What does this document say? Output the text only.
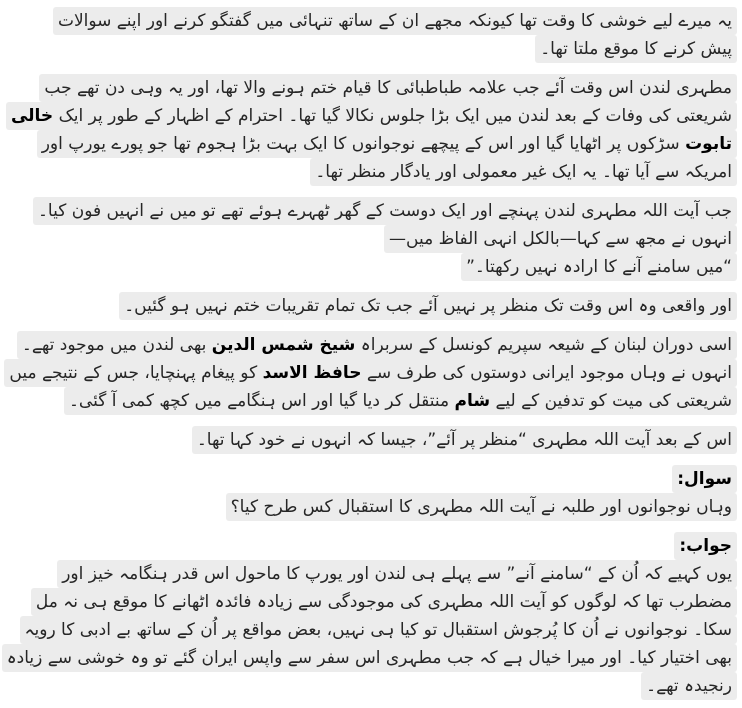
یہ میرے لیے خوشی کا وقت تھا کیونکہ مجھے ان کے ساتھ تنہائی میں گفتگو کرنے اور اپنے سوالات
پیش کرنے کا موقع ملتا تھا۔
مطہری لندن اس وقت آئے جب علامہ طباطبائی کا قیام ختم ہونے والا تھا، اور یہ وہی دن تھے جب
شریعتی کی وفات کے بعد لندن میں ایک بڑا جلوس نکالا گیا تھا۔ احترام کے اظہار کے طور پر ایک خالی
تابوت سڑکوں پر اٹھایا گیا اور اس کے پیچھے نوجوانوں کا ایک بہت بڑا ہجوم تھا جو پورے یورپ اور
امریکہ سے آیا تھا۔ یہ ایک غیر معمولی اور یادگار منظر تھا۔
جب آیت اللہ مطہری لندن پہنچے اور ایک دوست کے گھر ٹھہرے ہوئے تھے تو میں نے انہیں فون کیا۔
انہوں نے مجھ سے کہا—بالکل انہی الفاظ میں—
“میں سامنے آنے کا ارادہ نہیں رکھتا۔”
اور واقعی وہ اس وقت تک منظر پر نہیں آئے جب تک تمام تقریبات ختم نہیں ہو گئیں۔
اسی دوران لبنان کے شیعہ سپریم کونسل کے سربراہ شیخ شمس الدین بھی لندن میں موجود تھے۔
انہوں نے وہاں موجود ایرانی دوستوں کی طرف سے حافظ الاسد کو پیغام پہنچایا، جس کے نتیجے میں
شریعتی کی میت کو تدفین کے لیے شام منتقل کر دیا گیا اور اس ہنگامے میں کچھ کمی آ گئی۔
اس کے بعد آیت اللہ مطہری “منظر پر آئے”، جیسا کہ انہوں نے خود کہا تھا۔
سوال:
وہاں نوجوانوں اور طلبہ نے آیت اللہ مطہری کا استقبال کس طرح کیا؟
جواب:
یوں کہیے کہ اُن کے “سامنے آنے” سے پہلے ہی لندن اور یورپ کا ماحول اس قدر ہنگامہ خیز اور
مضطرب تھا کہ لوگوں کو آیت اللہ مطہری کی موجودگی سے زیادہ فائدہ اٹھانے کا موقع ہی نہ مل
سکا۔ نوجوانوں نے اُن کا پُرجوش استقبال تو کیا ہی نہیں، بعض مواقع پر اُن کے ساتھ بے ادبی کا رویہ
بھی اختیار کیا۔ اور میرا خیال ہے کہ جب مطہری اس سفر سے واپس ایران گئے تو وہ خوشی سے زیادہ
رنجیدہ تھے۔
